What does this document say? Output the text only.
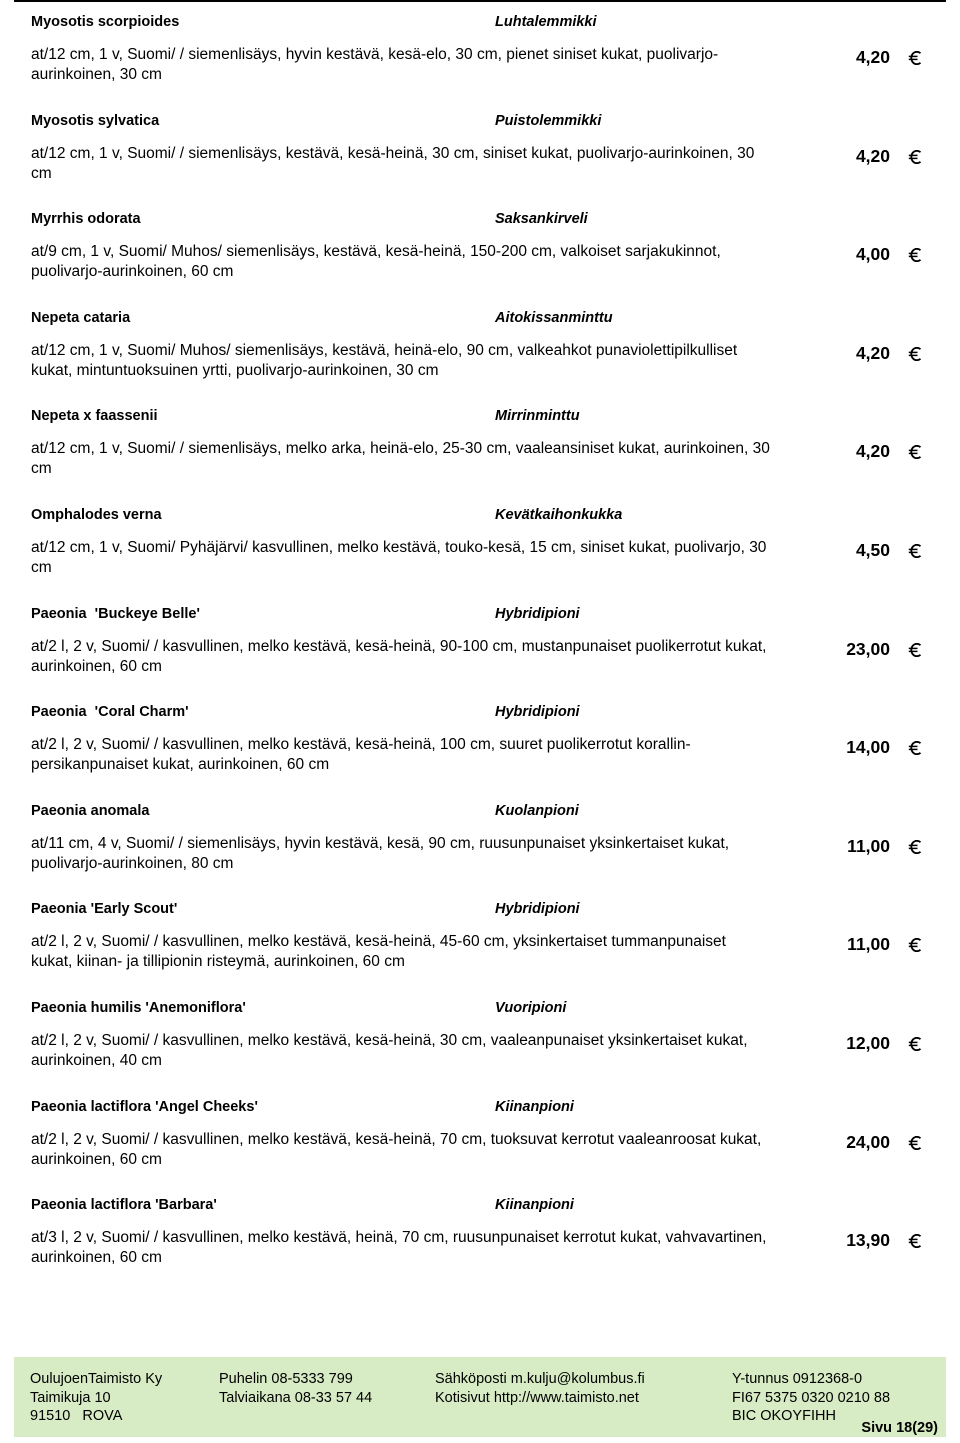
Myosotis scorpioides	Luhtalemmikki
at/12 cm, 1 v, Suomi/ / siemenlisäys, hyvin kestävä, kesä-elo, 30 cm, pienet siniset kukat, puolivarjo-aurinkoinen, 30 cm
4,20
Myosotis sylvatica	Puistolemmikki
at/12 cm, 1 v, Suomi/ / siemenlisäys, kestävä, kesä-heinä, 30 cm, siniset kukat, puolivarjo-aurinkoinen, 30 cm
4,20
Myrrhis odorata	Saksankirveli
at/9 cm, 1 v, Suomi/ Muhos/ siemenlisäys, kestävä, kesä-heinä, 150-200 cm, valkoiset sarjakukinnot, puolivarjo-aurinkoinen, 60 cm
4,00
Nepeta cataria	Aitokissanminttu
at/12 cm, 1 v, Suomi/ Muhos/ siemenlisäys, kestävä, heinä-elo, 90 cm, valkeahkot punaviolettipilkulliset kukat, mintuntuoksuinen yrtti, puolivarjo-aurinkoinen, 30 cm
4,20
Nepeta x faassenii	Mirrinminttu
at/12 cm, 1 v, Suomi/ / siemenlisäys, melko arka, heinä-elo, 25-30 cm, vaaleansiniset kukat, aurinkoinen, 30 cm
4,20
Omphalodes verna	Kevätkaihonkukka
at/12 cm, 1 v, Suomi/ Pyhäjärvi/ kasvullinen, melko kestävä, touko-kesä, 15 cm, siniset kukat, puolivarjo, 30 cm
4,50
Paeonia  'Buckeye Belle'	Hybridipioni
at/2 l, 2 v, Suomi/ / kasvullinen, melko kestävä, kesä-heinä, 90-100 cm, mustanpunaiset puolikerrotut kukat, aurinkoinen, 60 cm
23,00
Paeonia  'Coral Charm'	Hybridipioni
at/2 l, 2 v, Suomi/ / kasvullinen, melko kestävä, kesä-heinä, 100 cm, suuret puolikerrotut korallin-persikanpunaiset kukat, aurinkoinen, 60 cm
14,00
Paeonia anomala	Kuolanpioni
at/11 cm, 4 v, Suomi/ / siemenlisäys, hyvin kestävä, kesä, 90 cm, ruusunpunaiset yksinkertaiset kukat, puolivarjo-aurinkoinen, 80 cm
11,00
Paeonia 'Early Scout'	Hybridipioni
at/2 l, 2 v, Suomi/ / kasvullinen, melko kestävä, kesä-heinä, 45-60 cm, yksinkertaiset tummanpunaiset kukat, kiinan- ja tillipionin risteymä, aurinkoinen, 60 cm
11,00
Paeonia humilis 'Anemoniflora'	Vuoripioni
at/2 l, 2 v, Suomi/ / kasvullinen, melko kestävä, kesä-heinä, 30 cm, vaaleanpunaiset yksinkertaiset kukat, aurinkoinen, 40 cm
12,00
Paeonia lactiflora 'Angel Cheeks'	Kiinanpioni
at/2 l, 2 v, Suomi/ / kasvullinen, melko kestävä, kesä-heinä, 70 cm, tuoksuvat kerrotut vaaleanroosat kukat, aurinkoinen, 60 cm
24,00
Paeonia lactiflora 'Barbara'	Kiinanpioni
at/3 l, 2 v, Suomi/ / kasvullinen, melko kestävä, heinä, 70 cm, ruusunpunaiset kerrotut kukat, vahvavartinen, aurinkoinen, 60 cm
13,90
OulujoenTaimisto Ky
Taimikuja 10
91510   ROVA
Puhelin 08-5333 799
Talviaikana 08-33 57 44
Sähköposti m.kulju@kolumbus.fi
Kotisivut http://www.taimisto.net
Y-tunnus 0912368-0
FI67 5375 0320 0210 88
BIC OKOYFIHH
Sivu 18(29)
